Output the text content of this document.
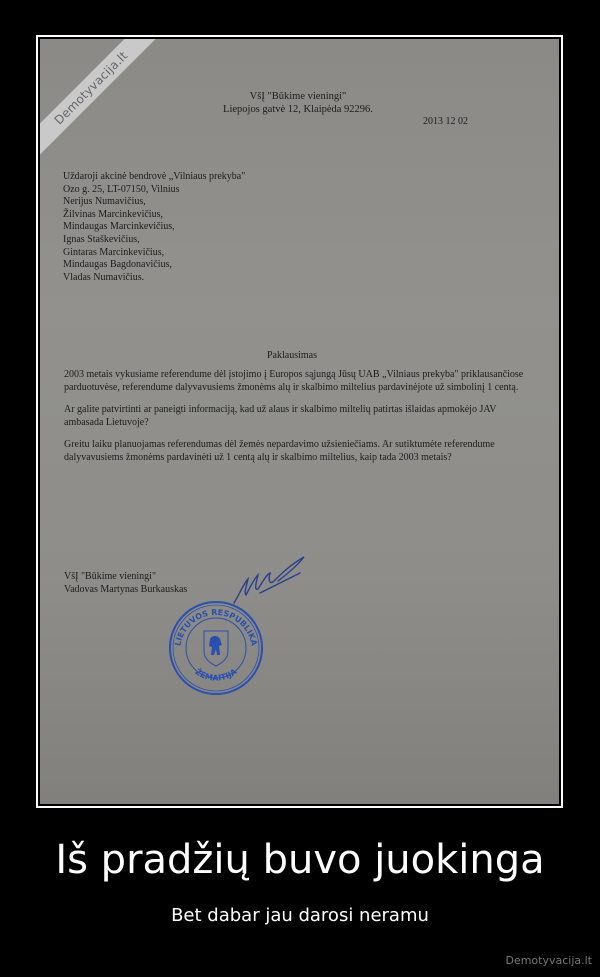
Demotyvacija.lt	VšĮ "Būkime vieningi"
Liepojos gatvė 12, Klaipėda 92296.
2013 12 02
Uždaroji akcinė bendrovė „Vilniaus prekyba"
Ozo g. 25, LT-07150, Vilnius
Nerijus Numavičius,
Žilvinas Marcinkevičius,
Mindaugas Marcinkevičius,
Ignas Staškevičius,
Gintaras Marcinkevičius,
Mindaugas Bagdonavičius,
Vladas Numavičius.
Paklausimas

2003 metais vykusiame referendume dėl įstojimo į Europos sąjungą Jūsų UAB „Vilniaus prekyba" priklausančiose parduotuvėse, referendume dalyvavusiems žmonėms alų ir skalbimo miltelius pardavinėjote už simbolinį 1 centą.

Ar galite patvirtinti ar paneigti informaciją, kad už alaus ir skalbimo miltelių patirtas išlaidas apmokėjo JAV ambasada Lietuvoje?

Greitu laiku planuojamas referendumas dėl žemės nepardavimo užsieniečiams. Ar sutiktumėte referendume dalyvavusiems žmonėms pardavinėti už 1 centą alų ir skalbimo miltelius, kaip tada 2003 metais?

VšĮ "Būkime vieningi"
Vadovas Martynas Burkauskas
LIETUVOS RESPUBLIKA
ŽEMAITIJA
Iš pradžių buvo juokinga
Bet dabar jau darosi neramu
Demotyvacija.lt
